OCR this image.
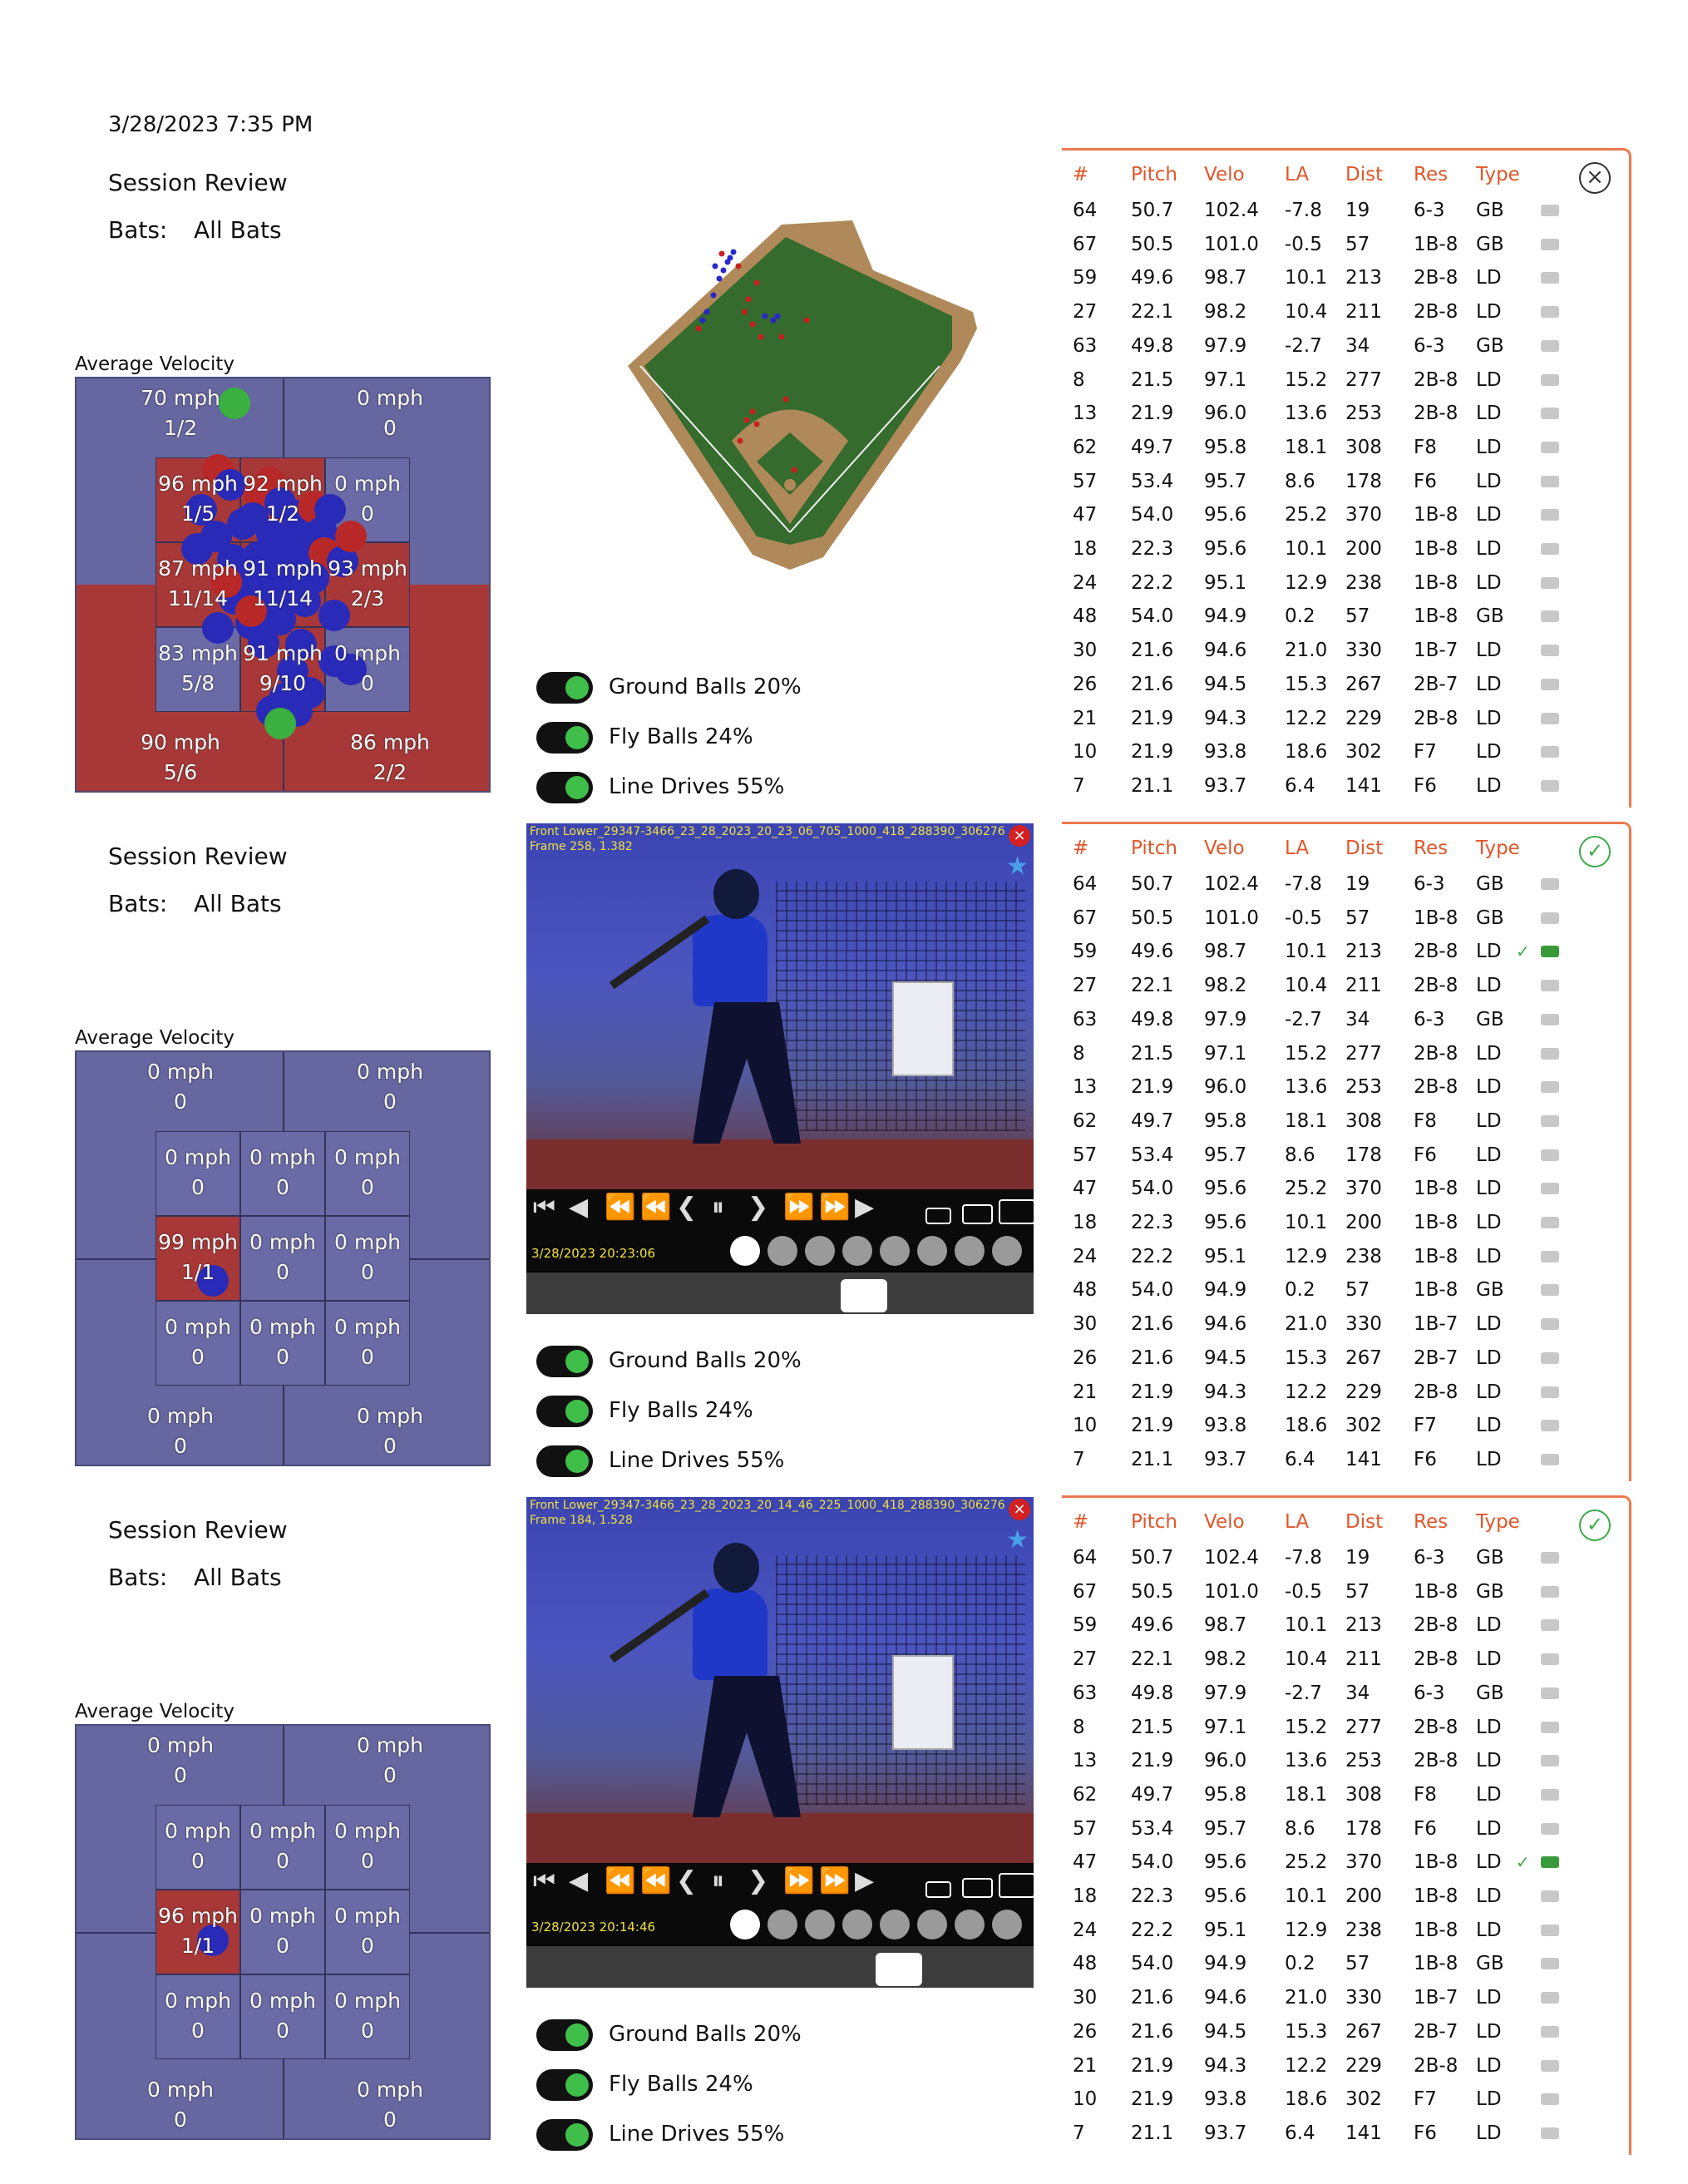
3/28/2023 7:35 PM
Session Review
Bats: All Bats
Average Velocity
70 mph
1/2
0 mph
0
90 mph
5/6
86 mph
2/2
96 mph
1/5
92 mph
1/2
0 mph
0
87 mph
11/14
91 mph
11/14
93 mph
2/3
83 mph
5/8
91 mph
9/10
0 mph
0	Ground Balls 20%
Fly Balls 24%
Line Drives 55%
×
# Pitch Velo LA Dist Res Type
64 50.7 102.4 -7.8 19 6-3 GB
67 50.5 101.0 -0.5 57 1B-8 GB
59 49.6 98.7 10.1 213 2B-8 LD
27 22.1 98.2 10.4 211 2B-8 LD
63 49.8 97.9 -2.7 34 6-3 GB
8 21.5 97.1 15.2 277 2B-8 LD
13 21.9 96.0 13.6 253 2B-8 LD
62 49.7 95.8 18.1 308 F8 LD
57 53.4 95.7 8.6 178 F6 LD
47 54.0 95.6 25.2 370 1B-8 LD
18 22.3 95.6 10.1 200 1B-8 LD
24 22.2 95.1 12.9 238 1B-8 LD
48 54.0 94.9 0.2 57 1B-8 GB
30 21.6 94.6 21.0 330 1B-7 LD
26 21.6 94.5 15.3 267 2B-7 LD
21 21.9 94.3 12.2 229 2B-8 LD
10 21.9 93.8 18.6 302 F7 LD
7 21.1 93.7 6.4 141 F6 LD
Session Review
Bats: All Bats
Average Velocity
0 mph
0
0 mph
0
0 mph
0
0 mph
0
0 mph
0
0 mph
0
0 mph
0
99 mph
1/1
0 mph
0
0 mph
0
0 mph
0
0 mph
0
0 mph
0
Front Lower_29347-3466_23_28_2023_20_23_06_705_1000_418_288390_306276
Frame 258, 1.382
×
★
⏮ ◀ ⏪ ⏪ ❮ ⏸ ❯ ⏩ ⏩ ▶
3/28/2023 20:23:06
Ground Balls 20%
Fly Balls 24%
Line Drives 55%
✓
# Pitch Velo LA Dist Res Type
64 50.7 102.4 -7.8 19 6-3 GB
67 50.5 101.0 -0.5 57 1B-8 GB
59 49.6 98.7 10.1 213 2B-8 LD ✓
27 22.1 98.2 10.4 211 2B-8 LD
63 49.8 97.9 -2.7 34 6-3 GB
8 21.5 97.1 15.2 277 2B-8 LD
13 21.9 96.0 13.6 253 2B-8 LD
62 49.7 95.8 18.1 308 F8 LD
57 53.4 95.7 8.6 178 F6 LD
47 54.0 95.6 25.2 370 1B-8 LD
18 22.3 95.6 10.1 200 1B-8 LD
24 22.2 95.1 12.9 238 1B-8 LD
48 54.0 94.9 0.2 57 1B-8 GB
30 21.6 94.6 21.0 330 1B-7 LD
26 21.6 94.5 15.3 267 2B-7 LD
21 21.9 94.3 12.2 229 2B-8 LD
10 21.9 93.8 18.6 302 F7 LD
7 21.1 93.7 6.4 141 F6 LD
Session Review
Bats: All Bats
Average Velocity
0 mph
0
0 mph
0
0 mph
0
0 mph
0
0 mph
0
0 mph
0
0 mph
0
96 mph
1/1
0 mph
0
0 mph
0
0 mph
0
0 mph
0
0 mph
0
Front Lower_29347-3466_23_28_2023_20_14_46_225_1000_418_288390_306276
Frame 184, 1.528
×
★
⏮ ◀ ⏪ ⏪ ❮ ⏸ ❯ ⏩ ⏩ ▶
3/28/2023 20:14:46
Ground Balls 20%
Fly Balls 24%
Line Drives 55%
✓
# Pitch Velo LA Dist Res Type
64 50.7 102.4 -7.8 19 6-3 GB
67 50.5 101.0 -0.5 57 1B-8 GB
59 49.6 98.7 10.1 213 2B-8 LD
27 22.1 98.2 10.4 211 2B-8 LD
63 49.8 97.9 -2.7 34 6-3 GB
8 21.5 97.1 15.2 277 2B-8 LD
13 21.9 96.0 13.6 253 2B-8 LD
62 49.7 95.8 18.1 308 F8 LD
57 53.4 95.7 8.6 178 F6 LD
47 54.0 95.6 25.2 370 1B-8 LD ✓
18 22.3 95.6 10.1 200 1B-8 LD
24 22.2 95.1 12.9 238 1B-8 LD
48 54.0 94.9 0.2 57 1B-8 GB
30 21.6 94.6 21.0 330 1B-7 LD
26 21.6 94.5 15.3 267 2B-7 LD
21 21.9 94.3 12.2 229 2B-8 LD
10 21.9 93.8 18.6 302 F7 LD
7 21.1 93.7 6.4 141 F6 LD
